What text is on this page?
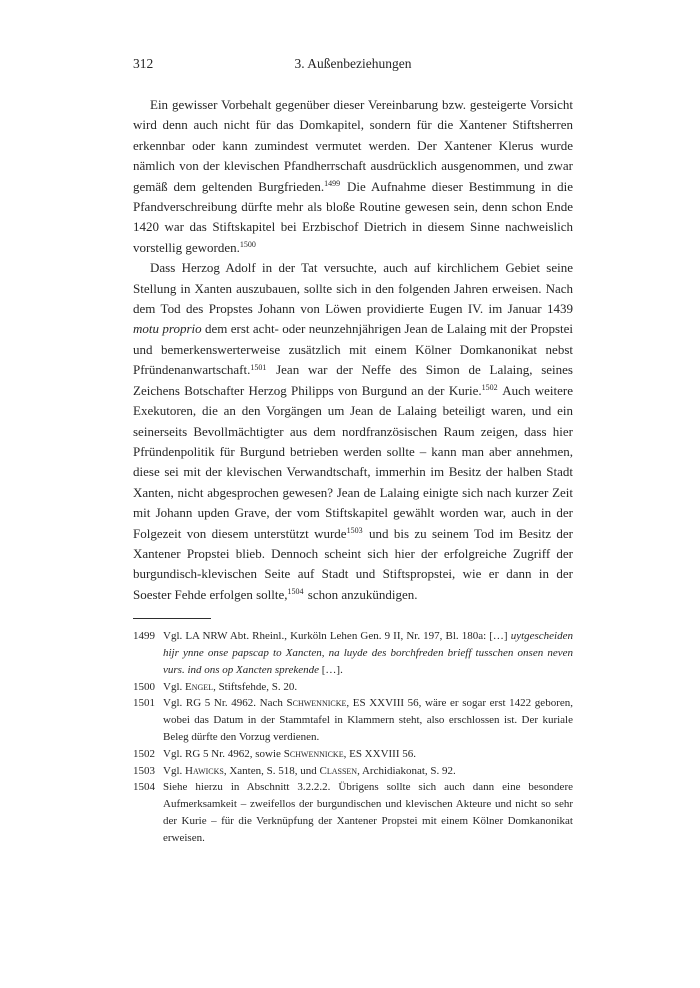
312	3. Außenbeziehungen

Ein gewisser Vorbehalt gegenüber dieser Vereinbarung bzw. gesteigerte Vorsicht wird denn auch nicht für das Domkapitel, sondern für die Xantener Stiftsherren erkennbar oder kann zumindest vermutet werden. Der Xantener Klerus wurde nämlich von der klevischen Pfandherrschaft ausdrücklich ausgenommen, und zwar gemäß dem geltenden Burgfrieden.$^{1499}$ Die Aufnahme dieser Bestimmung in die Pfandverschreibung dürfte mehr als bloße Routine gewesen sein, denn schon Ende 1420 war das Stiftskapitel bei Erzbischof Dietrich in diesem Sinne nachweislich vorstellig geworden.$^{1500}$

Dass Herzog Adolf in der Tat versuchte, auch auf kirchlichem Gebiet seine Stellung in Xanten auszubauen, sollte sich in den folgenden Jahren erweisen. Nach dem Tod des Propstes Johann von Löwen providierte Eugen IV. im Januar 1439 motu proprio dem erst acht- oder neunzehnjährigen Jean de Lalaing mit der Propstei und bemerkenswerterweise zusätzlich mit einem Kölner Domkanonikat nebst Pfründenanwartschaft.$^{1501}$ Jean war der Neffe des Simon de Lalaing, seines Zeichens Botschafter Herzog Philipps von Burgund an der Kurie.$^{1502}$ Auch weitere Exekutoren, die an den Vorgängen um Jean de Lalaing beteiligt waren, und ein seinerseits Bevollmächtigter aus dem nordfranzösischen Raum zeigen, dass hier Pfründenpolitik für Burgund betrieben werden sollte – kann man aber annehmen, diese sei mit der klevischen Verwandtschaft, immerhin im Besitz der halben Stadt Xanten, nicht abgesprochen gewesen? Jean de Lalaing einigte sich nach kurzer Zeit mit Johann upden Grave, der vom Stiftskapitel gewählt worden war, auch in der Folgezeit von diesem unterstützt wurde$^{1503}$ und bis zu seinem Tod im Besitz der Xantener Propstei blieb. Dennoch scheint sich hier der erfolgreiche Zugriff der burgundisch-klevischen Seite auf Stadt und Stiftspropstei, wie er dann in der Soester Fehde erfolgen sollte,$^{1504}$ schon anzukündigen.

1499 Vgl. LA NRW Abt. Rheinl., Kurköln Lehen Gen. 9 II, Nr. 197, Bl. 180a: […] uytgescheiden hijr ynne onse papscap to Xancten, na luyde des borchfreden brieff tusschen onsen neven vurs. ind ons op Xancten sprekende […].
1500 Vgl. Engel, Stiftsfehde, S. 20.
1501 Vgl. RG 5 Nr. 4962. Nach Schwennicke, ES XXVIII 56, wäre er sogar erst 1422 geboren, wobei das Datum in der Stammtafel in Klammern steht, also erschlossen ist. Der kuriale Beleg dürfte den Vorzug verdienen.
1502 Vgl. RG 5 Nr. 4962, sowie Schwennicke, ES XXVIII 56.
1503 Vgl. Hawicks, Xanten, S. 518, und Classen, Archidiakonat, S. 92.
1504 Siehe hierzu in Abschnitt 3.2.2.2. Übrigens sollte sich auch dann eine besondere Aufmerksamkeit – zweifellos der burgundischen und klevischen Akteure und nicht so sehr der Kurie – für die Verknüpfung der Xantener Propstei mit einem Kölner Domkanonikat erweisen.
